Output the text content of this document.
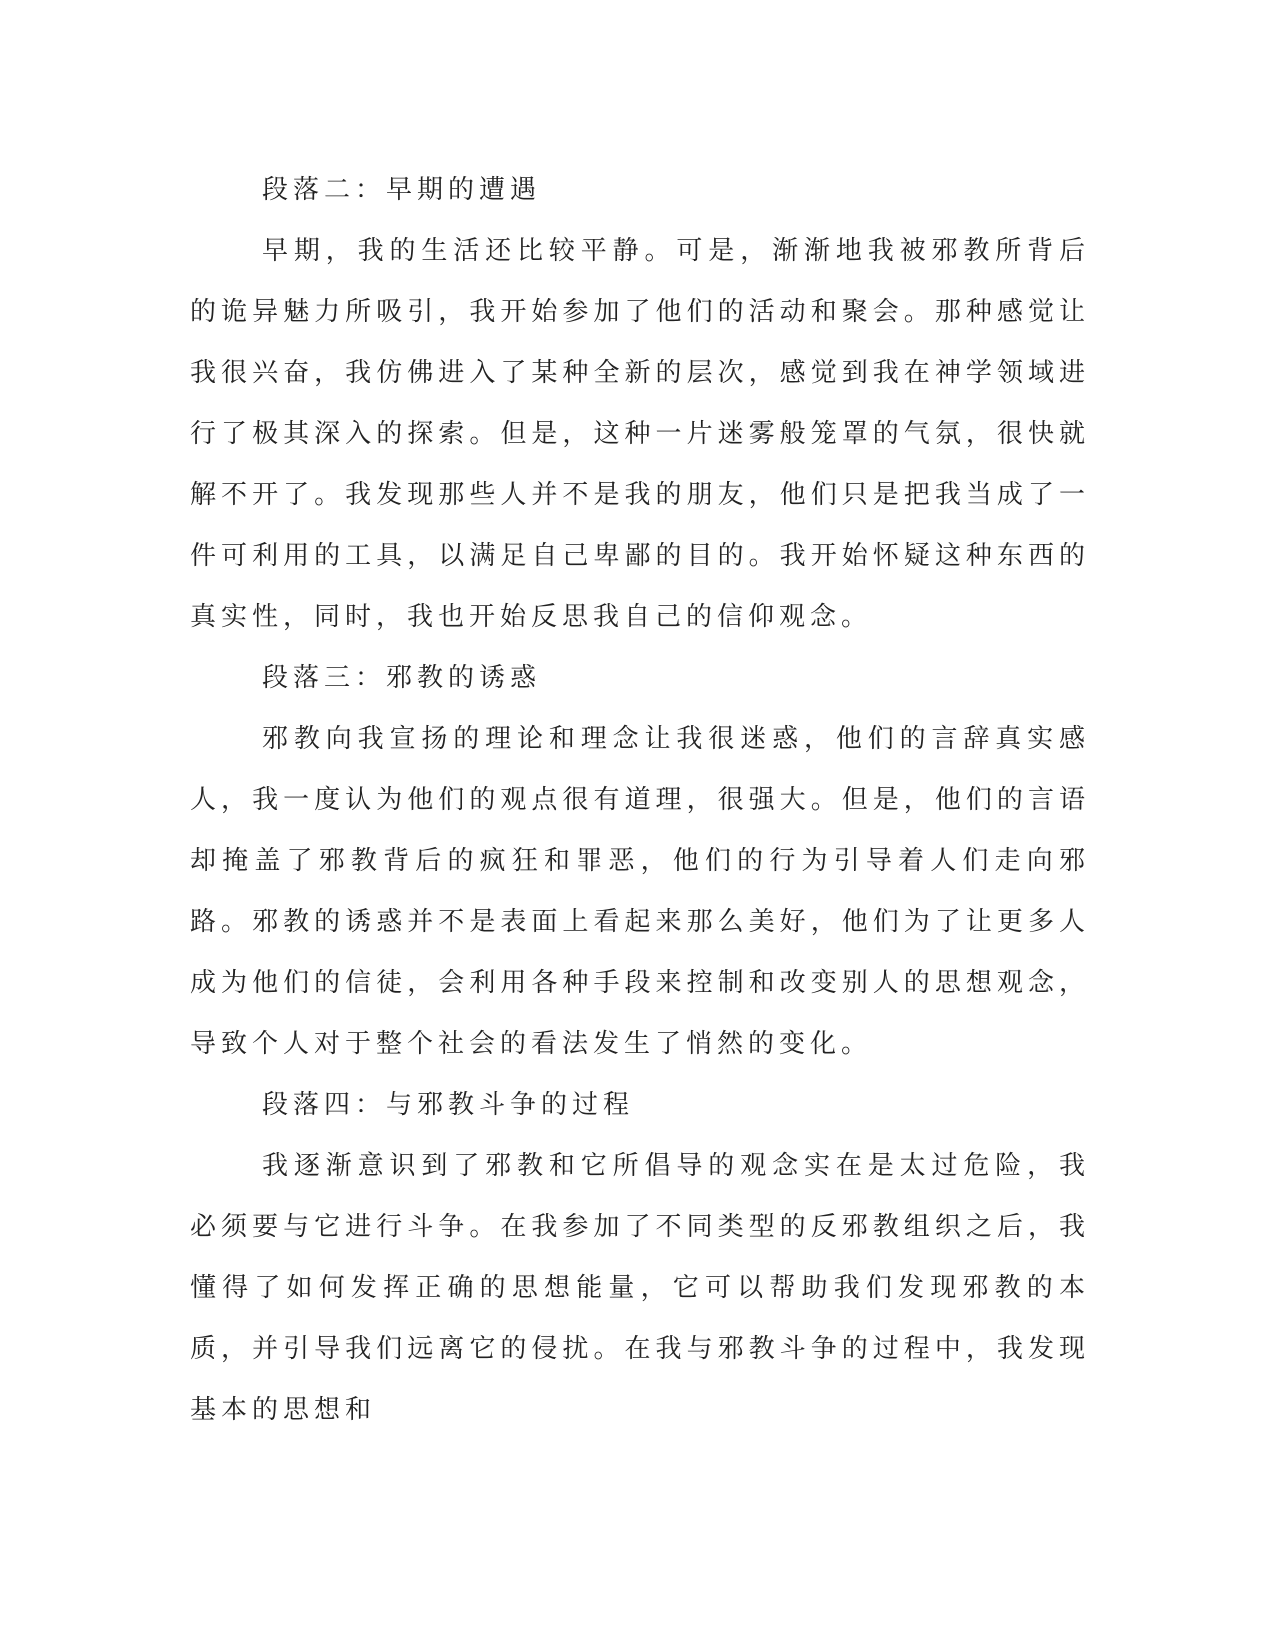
段落二：早期的遭遇

早期，我的生活还比较平静。可是，渐渐地我被邪教所背后的诡异魅力所吸引，我开始参加了他们的活动和聚会。那种感觉让我很兴奋，我仿佛进入了某种全新的层次，感觉到我在神学领域进行了极其深入的探索。但是，这种一片迷雾般笼罩的气氛，很快就解不开了。我发现那些人并不是我的朋友，他们只是把我当成了一件可利用的工具，以满足自己卑鄙的目的。我开始怀疑这种东西的真实性，同时，我也开始反思我自己的信仰观念。

段落三：邪教的诱惑

邪教向我宣扬的理论和理念让我很迷惑，他们的言辞真实感人，我一度认为他们的观点很有道理，很强大。但是，他们的言语却掩盖了邪教背后的疯狂和罪恶，他们的行为引导着人们走向邪路。邪教的诱惑并不是表面上看起来那么美好，他们为了让更多人成为他们的信徒，会利用各种手段来控制和改变别人的思想观念，导致个人对于整个社会的看法发生了悄然的变化。

段落四：与邪教斗争的过程

我逐渐意识到了邪教和它所倡导的观念实在是太过危险，我必须要与它进行斗争。在我参加了不同类型的反邪教组织之后，我懂得了如何发挥正确的思想能量，它可以帮助我们发现邪教的本质，并引导我们远离它的侵扰。在我与邪教斗争的过程中，我发现基本的思想和
